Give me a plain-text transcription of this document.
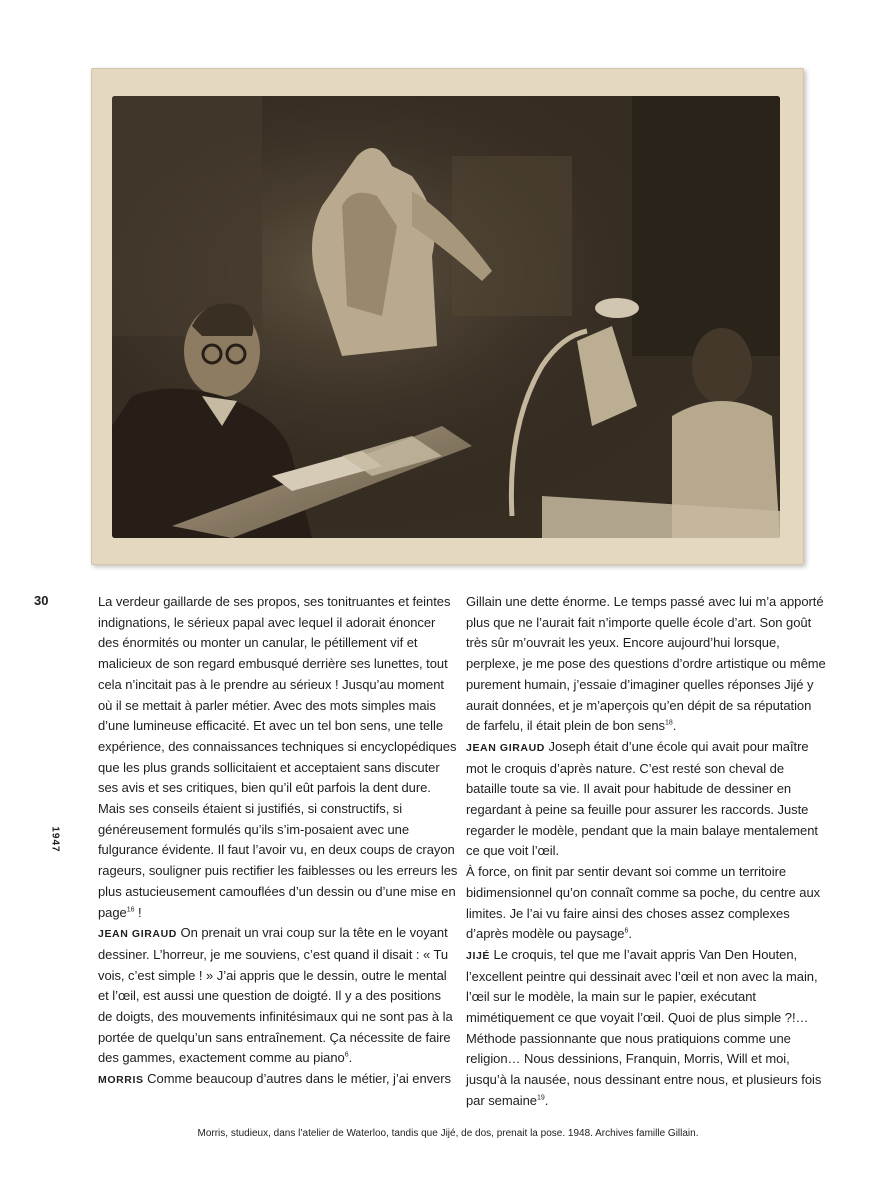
30
1947

La verdeur gaillarde de ses propos, ses tonitruantes et feintes indignations, le sérieux papal avec lequel il adorait énoncer des énormités ou monter un canular, le pétillement vif et malicieux de son regard embusqué derrière ses lunettes, tout cela n’incitait pas à le prendre au sérieux ! Jusqu’au moment où il se mettait à parler métier. Avec des mots simples mais d’une lumineuse efficacité. Et avec un tel bon sens, une telle expérience, des connaissances techniques si encyclopédiques que les plus grands sollicitaient et acceptaient sans discuter ses avis et ses critiques, bien qu’il eût parfois la dent dure. Mais ses conseils étaient si justifiés, si constructifs, si généreusement formulés qu’ils s’im-posaient avec une fulgurance évidente. Il faut l’avoir vu, en deux coups de crayon rageurs, souligner puis rectifier les faiblesses ou les erreurs les plus astucieusement camouflées d’un dessin ou d’une mise en page$^{16}$ !

JEAN GIRAUD On prenait un vrai coup sur la tête en le voyant dessiner. L’horreur, je me souviens, c’est quand il disait : « Tu vois, c’est simple ! » J’ai appris que le dessin, outre le mental et l’œil, est aussi une question de doigté. Il y a des positions de doigts, des mouvements infinitésimaux qui ne sont pas à la portée de quelqu’un sans entraînement. Ça nécessite de faire des gammes, exactement comme au piano$^6$.

MORRIS Comme beaucoup d’autres dans le métier, j’ai envers

Gillain une dette énorme. Le temps passé avec lui m’a apporté plus que ne l’aurait fait n’importe quelle école d’art. Son goût très sûr m’ouvrait les yeux. Encore aujourd’hui lorsque, perplexe, je me pose des questions d’ordre artistique ou même purement humain, j’essaie d’imaginer quelles réponses Jijé y aurait données, et je m’aperçois qu’en dépit de sa réputation de farfelu, il était plein de bon sens$^{18}$.

JEAN GIRAUD Joseph était d’une école qui avait pour maître mot le croquis d’après nature. C’est resté son cheval de bataille toute sa vie. Il avait pour habitude de dessiner en regardant à peine sa feuille pour assurer les raccords. Juste regarder le modèle, pendant que la main balaye mentalement ce que voit l’œil.

À force, on finit par sentir devant soi comme un territoire bidimensionnel qu’on connaît comme sa poche, du centre aux limites. Je l’ai vu faire ainsi des choses assez complexes d’après modèle ou paysage$^6$.

JIJÉ Le croquis, tel que me l’avait appris Van Den Houten, l’excellent peintre qui dessinait avec l’œil et non avec la main, l’œil sur le modèle, la main sur le papier, exécutant mimétiquement ce que voyait l’œil. Quoi de plus simple ?!… Méthode passionnante que nous pratiquions comme une religion… Nous dessinions, Franquin, Morris, Will et moi, jusqu’à la nausée, nous dessinant entre nous, et plusieurs fois par semaine$^{19}$.

Morris, studieux, dans l’atelier de Waterloo, tandis que Jijé, de dos, prenait la pose. 1948. Archives famille Gillain.
